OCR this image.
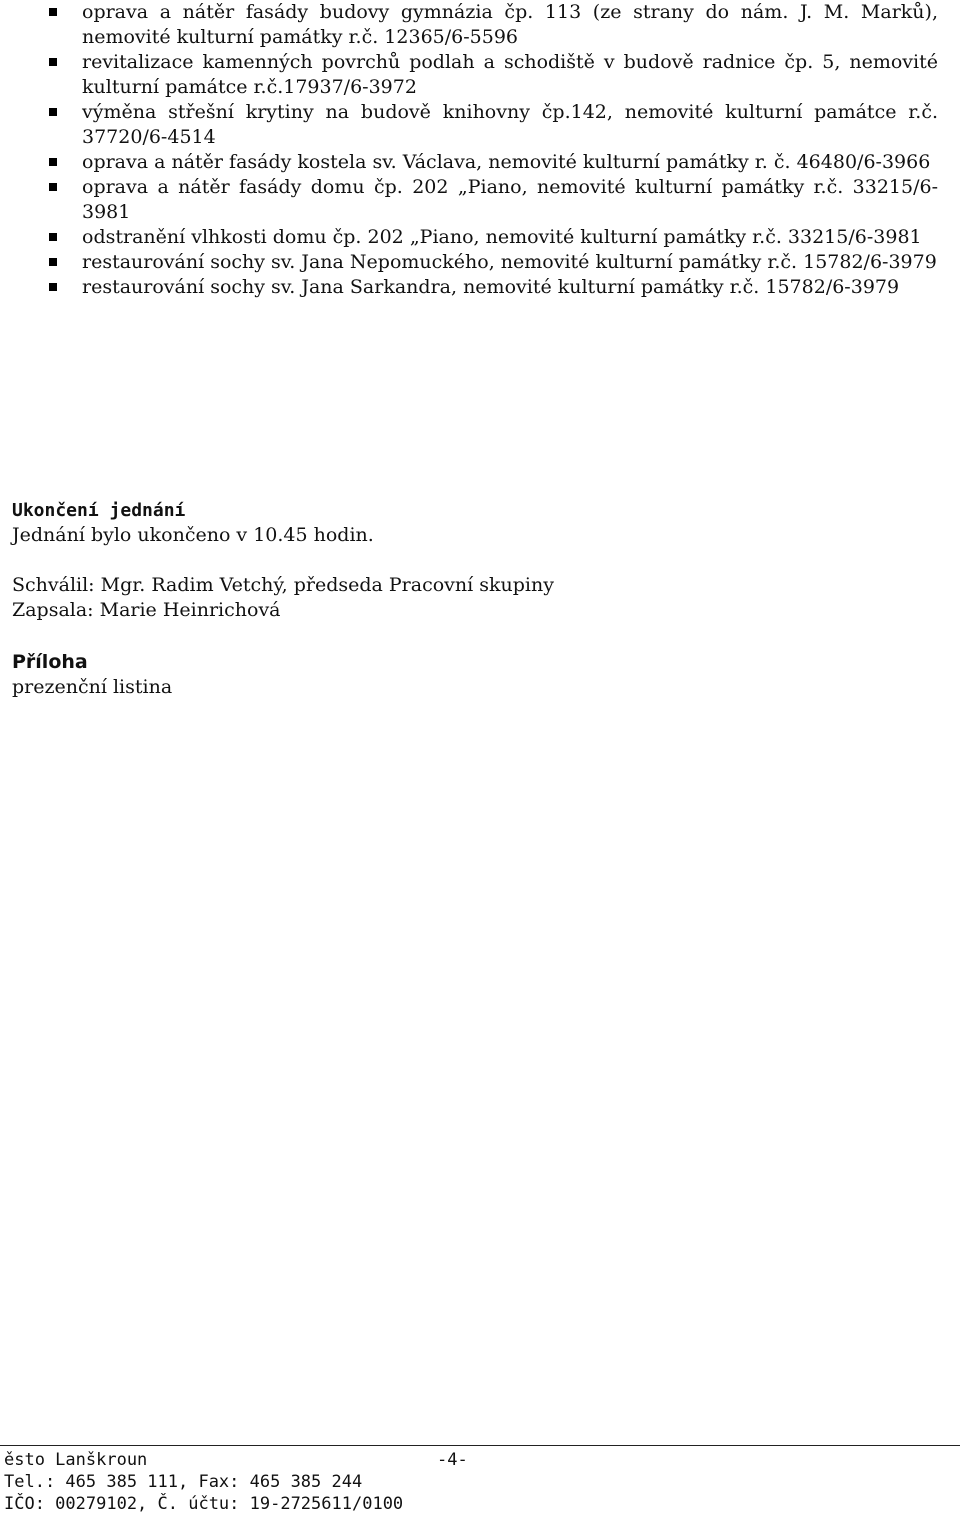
oprava a nátěr fasády budovy gymnázia čp. 113 (ze strany do nám. J. M. Marků), nemovité kulturní památky r.č. 12365/6-5596
revitalizace kamenných povrchů podlah a schodiště v budově radnice čp. 5, nemovité kulturní památce r.č.17937/6-3972
výměna střešní krytiny na budově knihovny čp.142, nemovité kulturní památce r.č. 37720/6-4514
oprava a nátěr fasády kostela sv. Václava, nemovité kulturní památky r. č. 46480/6-3966
oprava a nátěr fasády domu čp. 202 „Piano, nemovité kulturní památky r.č. 33215/6-3981
odstranění vlhkosti domu čp. 202 „Piano, nemovité kulturní památky r.č. 33215/6-3981
restaurování sochy sv. Jana Nepomuckého, nemovité kulturní památky r.č. 15782/6-3979
restaurování sochy sv. Jana Sarkandra, nemovité kulturní památky r.č. 15782/6-3979
Ukončení jednání
Jednání bylo ukončeno v 10.45 hodin.
Schválil: Mgr. Radim Vetchý, předseda Pracovní skupiny
Zapsala: Marie Heinrichová
Příloha
prezenční listina
ěsto Lanškroun	-4-
Tel.: 465 385 111, Fax: 465 385 244
IČO: 00279102, Č. účtu: 19-2725611/0100
